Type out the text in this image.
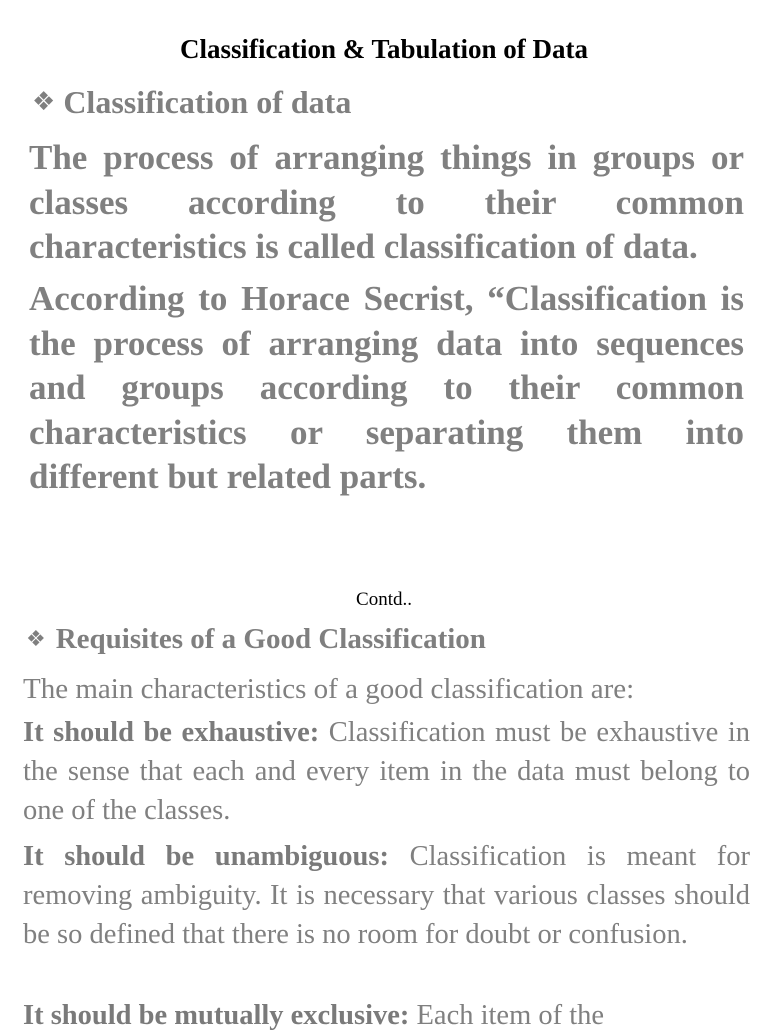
Classification & Tabulation of Data
❖ Classification of data

The process of arranging things in groups or classes according to their common characteristics is called classification of data.

According to Horace Secrist, “Classification is the process of arranging data into sequences and groups according to their common characteristics or separating them into different but related parts.

Contd..

❖ Requisites of a Good Classification

The main characteristics of a good classification are:

It should be exhaustive: Classification must be exhaustive in the sense that each and every item in the data must belong to one of the classes.

It should be unambiguous: Classification is meant for removing ambiguity. It is necessary that various classes should be so defined that there is no room for doubt or confusion.

It should be mutually exclusive: Each item of the
